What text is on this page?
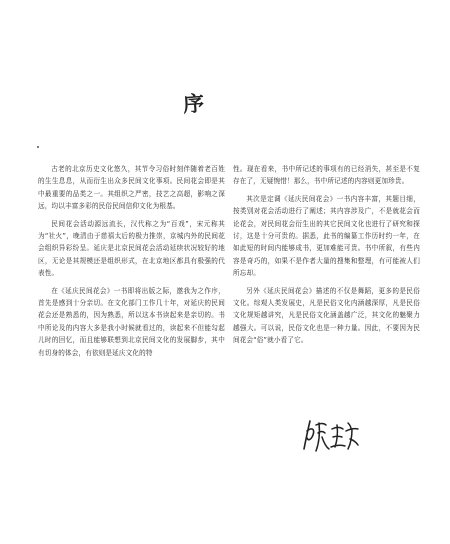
序

古老的北京历史文化悠久，其节令习俗时刻伴随着老百姓的生生息息，从而衍生出众多民间文化事项。民间花会即是其中最重要的品类之一。其组织之严密，技艺之高超，影响之深远，均以丰富多彩的民俗民间信仰文化为根基。

民间花会活动源远流长，汉代称之为“百戏”，宋元称其为“社火”，晚清由于慈禧太后的极力推崇，京城内外的民间花会组织异彩纷呈。延庆是北京民间花会活动延续状况较好的地区，无论是其规模还是组织形式，在北京地区都具有极强的代表性。

在《延庆民间花会》一书即将出版之际，邀我为之作序，首先是感到十分亲切。在文化部门工作几十年，对延庆的民间花会还是熟悉的，因为熟悉，所以这本书读起来是亲切的。书中所论及的内容大多是我小时候就看过的，读起来不但能勾起儿时的回忆，而且能够联想到北京民间文化的发展脚步，其中有切身的体会，有依则是延庆文化的特

性。现在看来，书中所记述的事项有的已经消失，甚至是不复存在了，无疑惋惜！那么，书中所记述的内容则更加珍贵。

其次是定调《延庆民间花会》一书内容丰富，其题目细，按类别对花会活动进行了阐述；其内容涉及广，不是就花会而论花会，对民间花会衍生出的其它民间文化也进行了研究和探讨，这是十分可贵的。据悉，此书的编纂工作历时约一年，在如此短的时间内能够成书，更加难能可贵。书中所叙，有些内容是奇巧的，如果不是作者大量的搜集和整理，有可能被人们所忘却。

另外《延庆民间花会》描述的不仅是舞蹈，更多的是民俗文化。综观人类发展史，凡是民俗文化内涵越深厚，凡是民俗文化规矩越讲究，凡是民俗文化涵盖越广泛，其文化的魅聚力越强大。可以说，民俗文化也是一种力量。因此，不要因为民间花会“俗”就小看了它。
